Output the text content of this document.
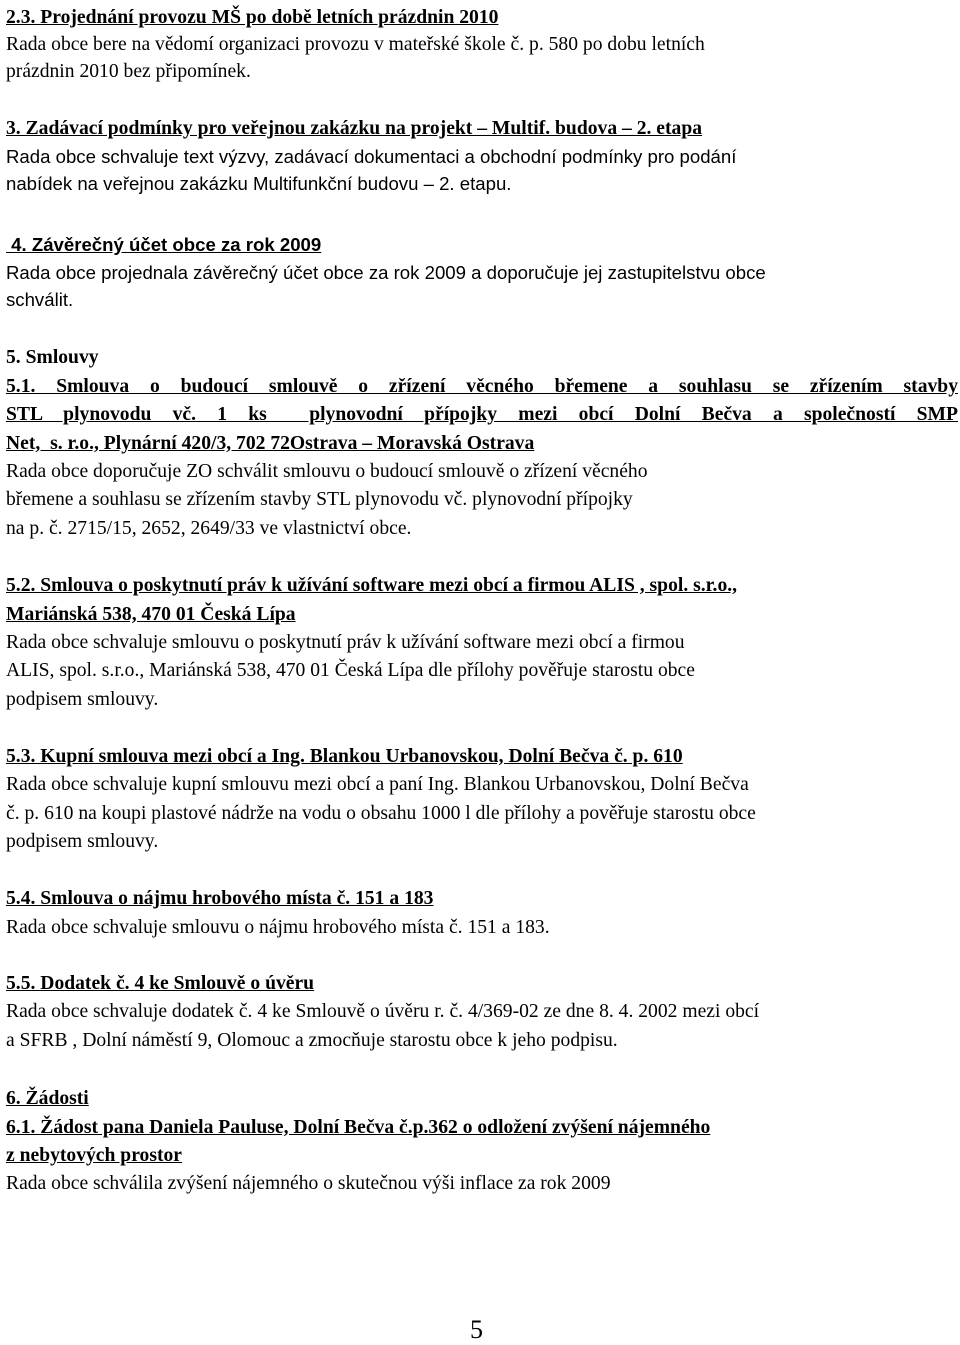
2.3. Projednání provozu MŠ po době letních prázdnin 2010
Rada obce bere na vědomí organizaci provozu v mateřské škole č. p. 580 po dobu letních
prázdnin 2010 bez připomínek.
3. Zadávací podmínky pro veřejnou zakázku na projekt – Multif. budova – 2. etapa
Rada obce schvaluje text výzvy, zadávací dokumentaci a obchodní podmínky pro podání
nabídek na veřejnou zakázku Multifunkční budovu – 2. etapu.
4. Závěrečný účet obce za rok 2009
Rada obce projednala závěrečný účet obce za rok 2009 a doporučuje jej zastupitelstvu obce
schválit.
5. Smlouvy
5.1. Smlouva o budoucí smlouvě o zřízení věcného břemene a souhlasu se zřízením stavby
STL plynovodu vč. 1 ks  plynovodní přípojky mezi obcí Dolní Bečva a společností SMP
Net,  s. r.o., Plynární 420/3, 702 72Ostrava – Moravská Ostrava
Rada obce doporučuje ZO schválit smlouvu o budoucí smlouvě o zřízení věcného
břemene a souhlasu se zřízením stavby STL plynovodu vč. plynovodní přípojky
na p. č. 2715/15, 2652, 2649/33 ve vlastnictví obce.
5.2. Smlouva o poskytnutí práv k užívání software mezi obcí a firmou ALIS , spol. s.r.o.,
Mariánská 538, 470 01 Česká Lípa
Rada obce schvaluje smlouvu o poskytnutí práv k užívání software mezi obcí a firmou
ALIS, spol. s.r.o., Mariánská 538, 470 01 Česká Lípa dle přílohy pověřuje starostu obce
podpisem smlouvy.
5.3. Kupní smlouva mezi obcí a Ing. Blankou Urbanovskou, Dolní Bečva č. p. 610
Rada obce schvaluje kupní smlouvu mezi obcí a paní Ing. Blankou Urbanovskou, Dolní Bečva
č. p. 610 na koupi plastové nádrže na vodu o obsahu 1000 l dle přílohy a pověřuje starostu obce
podpisem smlouvy.
5.4. Smlouva o nájmu hrobového místa č. 151 a 183
Rada obce schvaluje smlouvu o nájmu hrobového místa č. 151 a 183.
5.5. Dodatek č. 4 ke Smlouvě o úvěru
Rada obce schvaluje dodatek č. 4 ke Smlouvě o úvěru r. č. 4/369-02 ze dne 8. 4. 2002 mezi obcí
a SFRB , Dolní náměstí 9, Olomouc a zmocňuje starostu obce k jeho podpisu.
6. Žádosti
6.1. Žádost pana Daniela Pauluse, Dolní Bečva č.p.362 o odložení zvýšení nájemného
z nebytových prostor
Rada obce schválila zvýšení nájemného o skutečnou výši inflace za rok 2009
5
